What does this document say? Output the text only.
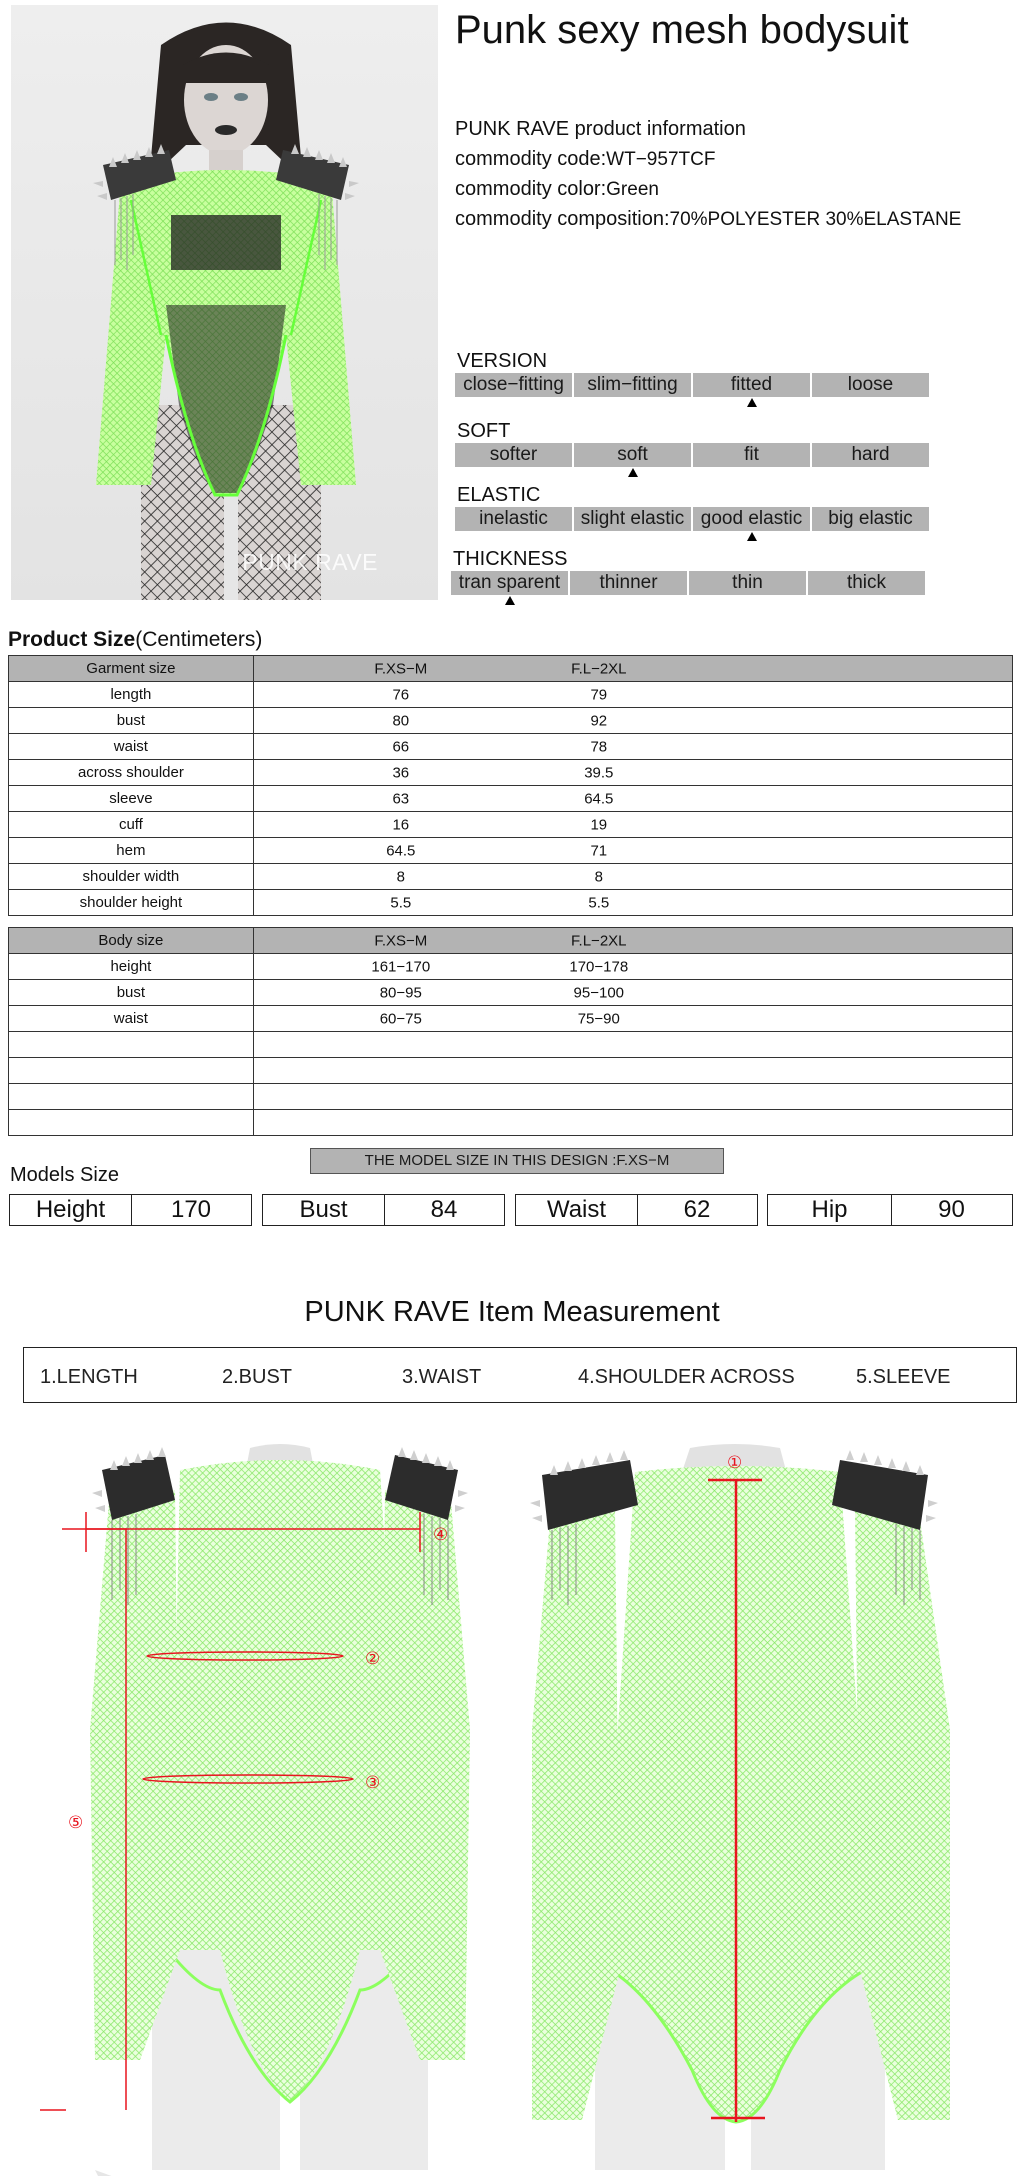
PUNK RAVE
Punk sexy mesh bodysuit
PUNK RAVE product information
commodity code:WT−957TCF
commodity color:Green
commodity composition:70%POLYESTER 30%ELASTANE
VERSION
close−fitting	slim−fitting	fitted	loose
SOFT
softer	soft	fit	hard
ELASTIC
inelastic	slight elastic good elastic	big elastic
THICKNESS
tran sparent	thinner	thin	thick
Product Size(Centimeters)
Garment size	F.XS−M F.L−2XL

length	76 79

bust	80 92

waist	66 78

across shoulder	36 39.5

sleeve	63 64.5

cuff	16 19

hem	64.5 71

shoulder width	8 8

shoulder height	5.5 5.5
Body size	F.XS−M F.L−2XL

height	161−170 170−178

bust	80−95 95−100

waist	60−75 75−90

THE MODEL SIZE IN THIS DESIGN :F.XS−M
Models Size
Height	170	Bust	84	Waist	62	Hip	90
PUNK RAVE Item Measurement
1.LENGTH	2.BUST	3.WAIST	4.SHOULDER ACROSS	5.SLEEVE
④
②
③
⑤
①
